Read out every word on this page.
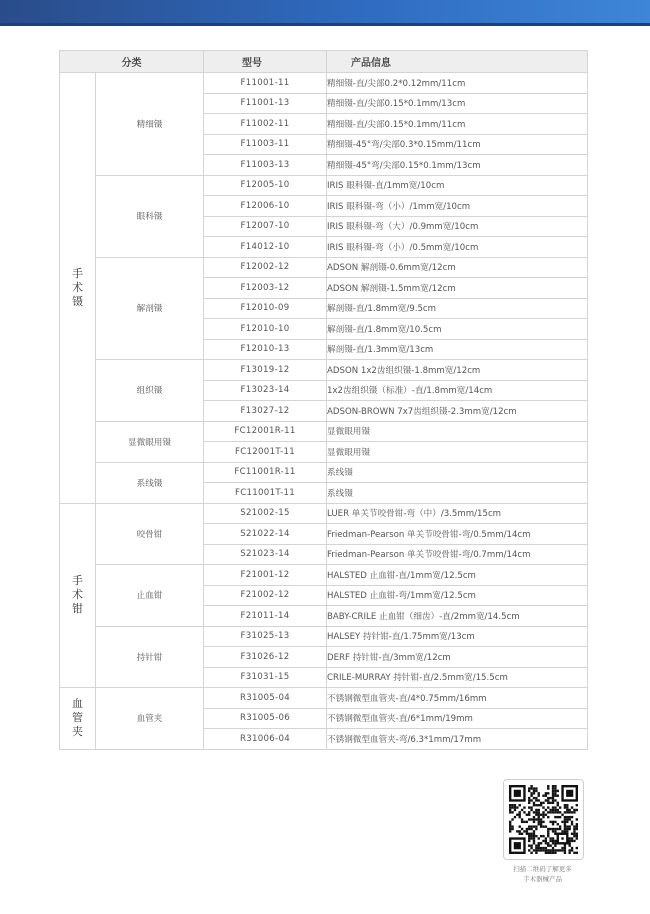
分类		型号	产品信息

手
术
镊	精细镊	F11001-11	精细镊-直/尖部0.2*0.12mm/11cm
		F11001-13	精细镊-直/尖部0.15*0.1mm/13cm
		F11002-11	精细镊-直/尖部0.15*0.1mm/11cm
		F11003-11	精细镊-45°弯/尖部0.3*0.15mm/11cm
		F11003-13	精细镊-45°弯/尖部0.15*0.1mm/13cm
	眼科镊	F12005-10	IRIS 眼科镊-直/1mm宽/10cm
		F12006-10	IRIS 眼科镊-弯（小）/1mm宽/10cm
		F12007-10	IRIS 眼科镊-弯（大）/0.9mm宽/10cm
		F14012-10	IRIS 眼科镊-弯（小）/0.5mm宽/10cm
	解剖镊	F12002-12	ADSON 解剖镊-0.6mm宽/12cm
		F12003-12	ADSON 解剖镊-1.5mm宽/12cm
		F12010-09	解剖镊-直/1.8mm宽/9.5cm
		F12010-10	解剖镊-直/1.8mm宽/10.5cm
		F12010-13	解剖镊-直/1.3mm宽/13cm
	组织镊	F13019-12	ADSON 1x2齿组织镊-1.8mm宽/12cm
		F13023-14	1x2齿组织镊（标准）-直/1.8mm宽/14cm
		F13027-12	ADSON-BROWN 7x7齿组织镊-2.3mm宽/12cm
	显微眼用镊	FC12001R-11	显微眼用镊
		FC12001T-11	显微眼用镊
	系线镊	FC11001R-11	系线镊
		FC11001T-11	系线镊

手
术
钳	咬骨钳	S21002-15	LUER 单关节咬骨钳-弯（中）/3.5mm/15cm
		S21022-14	Friedman-Pearson 单关节咬骨钳-弯/0.5mm/14cm
		S21023-14	Friedman-Pearson 单关节咬骨钳-弯/0.7mm/14cm
	止血钳	F21001-12	HALSTED 止血钳-直/1mm宽/12.5cm
		F21002-12	HALSTED 止血钳-弯/1mm宽/12.5cm
		F21011-14	BABY-CRILE 止血钳（细齿）-直/2mm宽/14.5cm
	持针钳	F31025-13	HALSEY 持针钳-直/1.75mm宽/13cm
		F31026-12	DERF 持针钳-直/3mm宽/12cm
		F31031-15	CRILE-MURRAY 持针钳-直/2.5mm宽/15.5cm

血
管
夹	血管夹	R31005-04	不锈钢微型血管夹-直/4*0.75mm/16mm
		R31005-06	不锈钢微型血管夹-直/6*1mm/19mm
		R31006-04	不锈钢微型血管夹-弯/6.3*1mm/17mm
扫描二维码了解更多
手术器械产品
